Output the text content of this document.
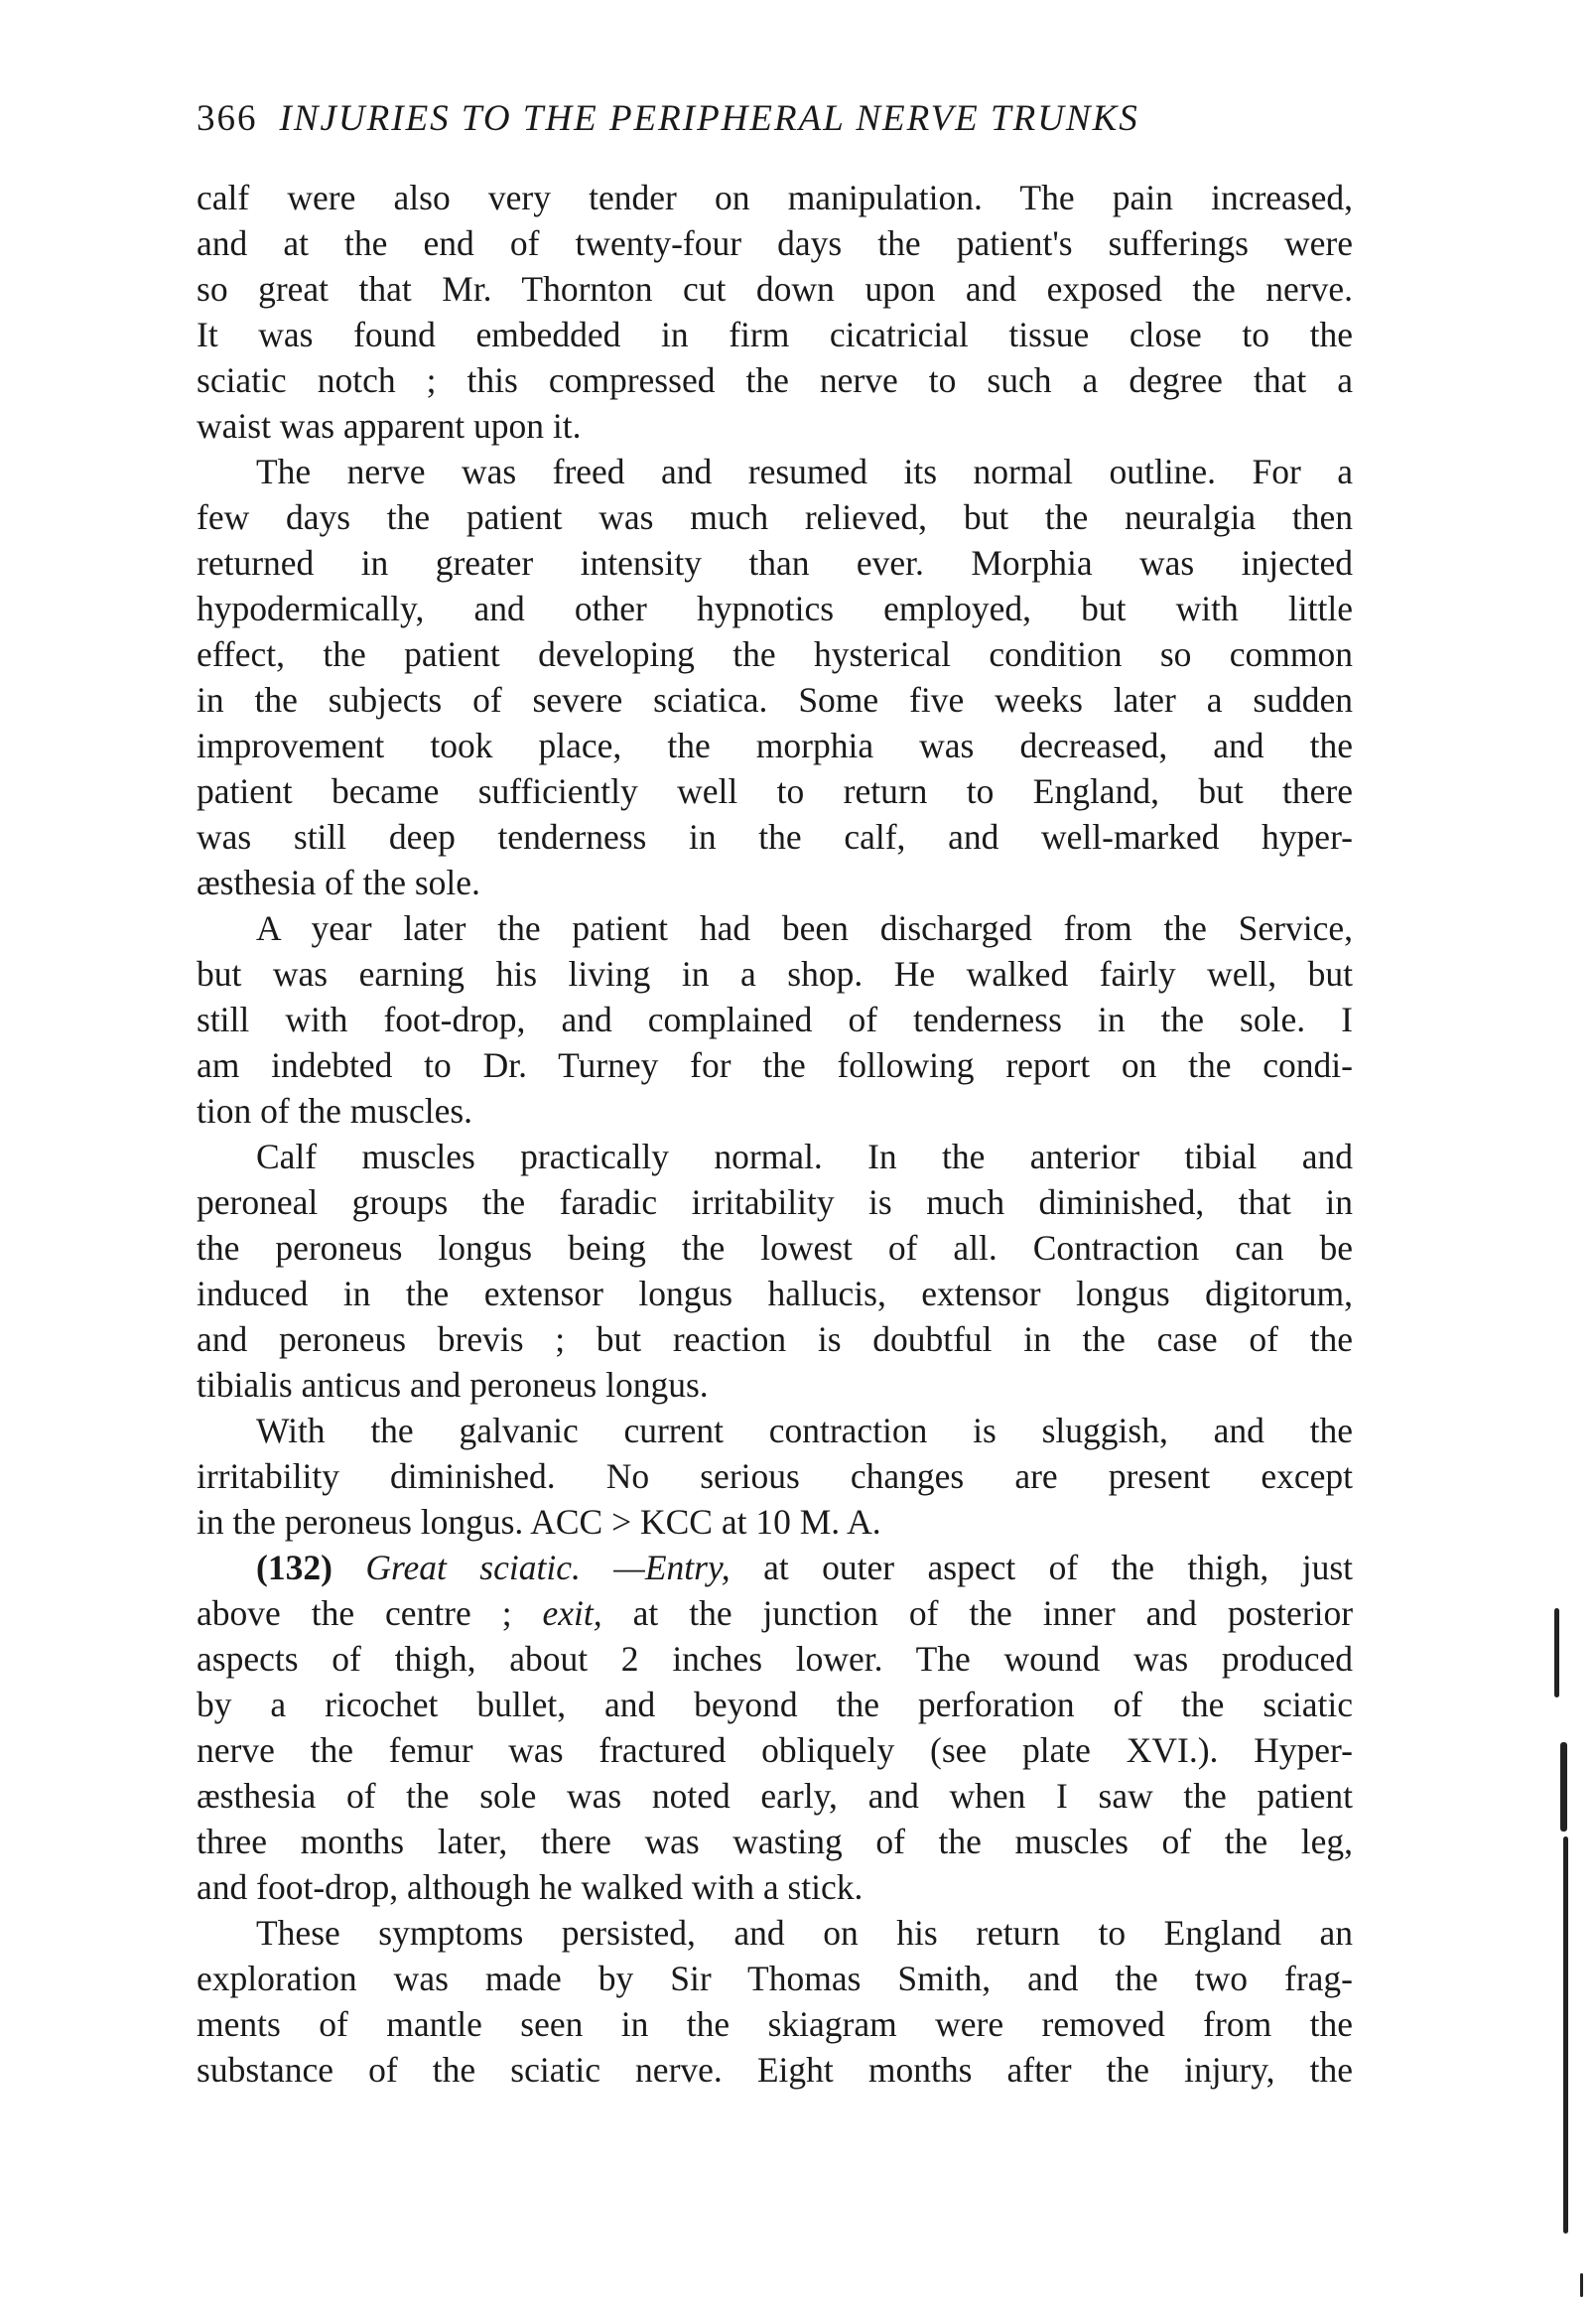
366 INJURIES TO THE PERIPHERAL NERVE TRUNKS
calf were also very tender on manipulation. The pain increased,
and at the end of twenty-four days the patient's sufferings were
so great that Mr. Thornton cut down upon and exposed the nerve.
It was found embedded in firm cicatricial tissue close to the
sciatic notch ; this compressed the nerve to such a degree that a
waist was apparent upon it.
The nerve was freed and resumed its normal outline. For a
few days the patient was much relieved, but the neuralgia then
returned in greater intensity than ever. Morphia was injected
hypodermically, and other hypnotics employed, but with little
effect, the patient developing the hysterical condition so common
in the subjects of severe sciatica. Some five weeks later a sudden
improvement took place, the morphia was decreased, and the
patient became sufficiently well to return to England, but there
was still deep tenderness in the calf, and well-marked hyper-
æsthesia of the sole.
A year later the patient had been discharged from the Service,
but was earning his living in a shop. He walked fairly well, but
still with foot-drop, and complained of tenderness in the sole. I
am indebted to Dr. Turney for the following report on the condi-
tion of the muscles.
Calf muscles practically normal. In the anterior tibial and
peroneal groups the faradic irritability is much diminished, that in
the peroneus longus being the lowest of all. Contraction can be
induced in the extensor longus hallucis, extensor longus digitorum,
and peroneus brevis ; but reaction is doubtful in the case of the
tibialis anticus and peroneus longus.
With the galvanic current contraction is sluggish, and the
irritability diminished. No serious changes are present except
in the peroneus longus. ACC > KCC at 10 M. A.
(132) Great sciatic. —Entry, at outer aspect of the thigh, just
above the centre ; exit, at the junction of the inner and posterior
aspects of thigh, about 2 inches lower. The wound was produced
by a ricochet bullet, and beyond the perforation of the sciatic
nerve the femur was fractured obliquely (see plate XVI.). Hyper-
æsthesia of the sole was noted early, and when I saw the patient
three months later, there was wasting of the muscles of the leg,
and foot-drop, although he walked with a stick.
These symptoms persisted, and on his return to England an
exploration was made by Sir Thomas Smith, and the two frag-
ments of mantle seen in the skiagram were removed from the
substance of the sciatic nerve. Eight months after the injury, the
